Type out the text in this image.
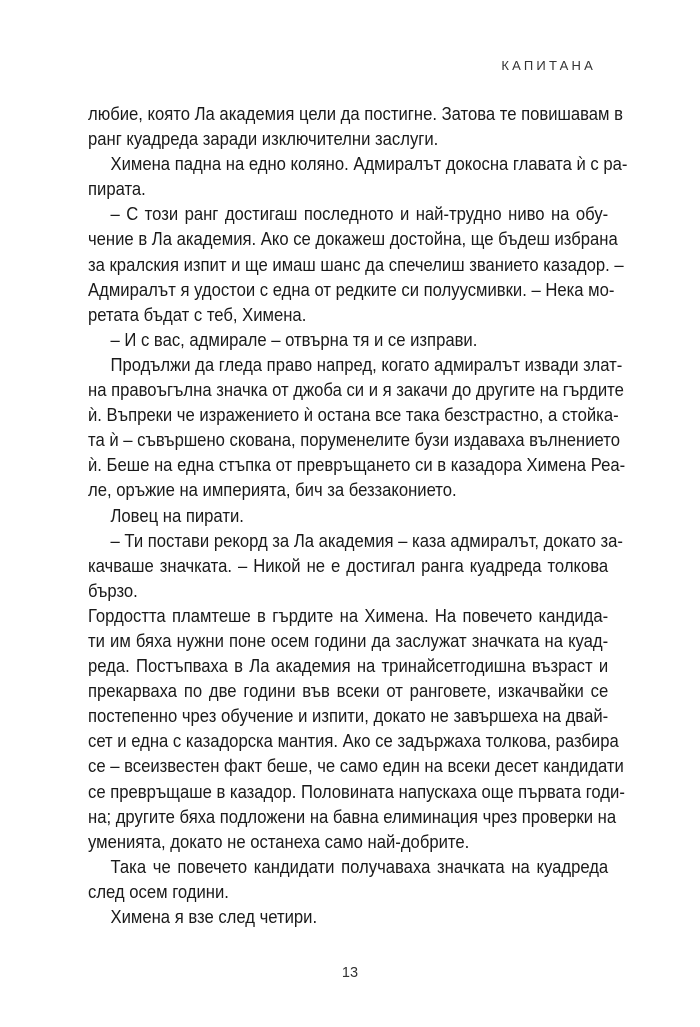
КАПИТАНА
любие, която Ла академия цели да постигне. Затова те повишавам в
ранг куадреда заради изключителни заслуги.
Химена падна на едно коляно. Адмиралът докосна главата ѝ с ра-
пирата.
– С този ранг достигаш последното и най-трудно ниво на обу-
чение в Ла академия. Ако се докажеш достойна, ще бъдеш избрана
за кралския изпит и ще имаш шанс да спечелиш званието казадор. –
Адмиралът я удостои с една от редките си полуусмивки. – Нека мо-
ретата бъдат с теб, Химена.
– И с вас, адмирале – отвърна тя и се изправи.
Продължи да гледа право напред, когато адмиралът извади злат-
на правоъгълна значка от джоба си и я закачи до другите на гърдите
ѝ. Въпреки че изражението ѝ остана все така безстрастно, а стойка-
та ѝ – съвършено скована, поруменелите бузи издаваха вълнението
ѝ. Беше на една стъпка от превръщането си в казадора Химена Реа-
ле, оръжие на империята, бич за беззаконието.
Ловец на пирати.
– Ти постави рекорд за Ла академия – каза адмиралът, докато за-
качваше значката. – Никой не е достигал ранга куадреда толкова
бързо.
Гордостта пламтеше в гърдите на Химена. На повечето кандида-
ти им бяха нужни поне осем години да заслужат значката на куад-
реда. Постъпваха в Ла академия на тринайсетгодишна възраст и
прекарваха по две години във всеки от ранговете, изкачвайки се
постепенно чрез обучение и изпити, докато не завършеха на двай-
сет и една с казадорска мантия. Ако се задържаха толкова, разбира
се – всеизвестен факт беше, че само един на всеки десет кандидати
се превръщаше в казадор. Половината напускаха още първата годи-
на; другите бяха подложени на бавна елиминация чрез проверки на
уменията, докато не останеха само най-добрите.
Така че повечето кандидати получаваха значката на куадреда
след осем години.
Химена я взе след четири.
13
